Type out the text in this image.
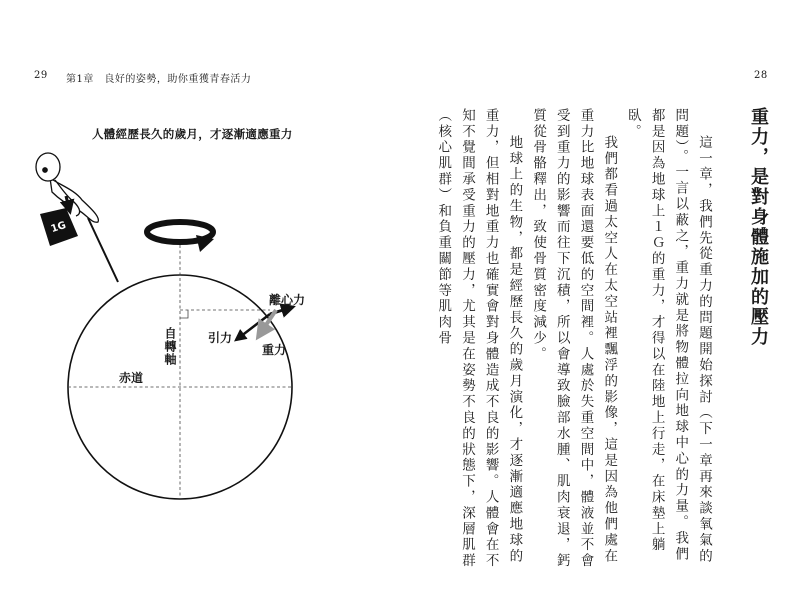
29 第1章　良好的姿勢，助你重獲青春活力	28
人體經歷長久的歲月，才逐漸適應重力
1G
離心力
引力
重力
自轉軸
赤道
重力，是對身體施加的壓力

這一章，我們先從重力的問題開始探討（下一章再來談氧氣的問題）。一言以蔽之，重力就是將物體拉向地球中心的力量。我們都是因為地球上１Ｇ的重力，才得以在陸地上行走，在床墊上躺臥。

我們都看過太空人在太空站裡飄浮的影像，這是因為他們處在重力比地球表面還要低的空間裡。人處於失重空間中，體液並不會受到重力的影響而往下沉積，所以會導致臉部水腫、肌肉衰退，鈣質從骨骼釋出，致使骨質密度減少。

地球上的生物，都是經歷長久的歲月演化，才逐漸適應地球的重力，但相對地重力也確實會對身體造成不良的影響。人體會在不知不覺間承受重力的壓力，尤其是在姿勢不良的狀態下，深層肌群（核心肌群）和負重關節等肌肉骨
